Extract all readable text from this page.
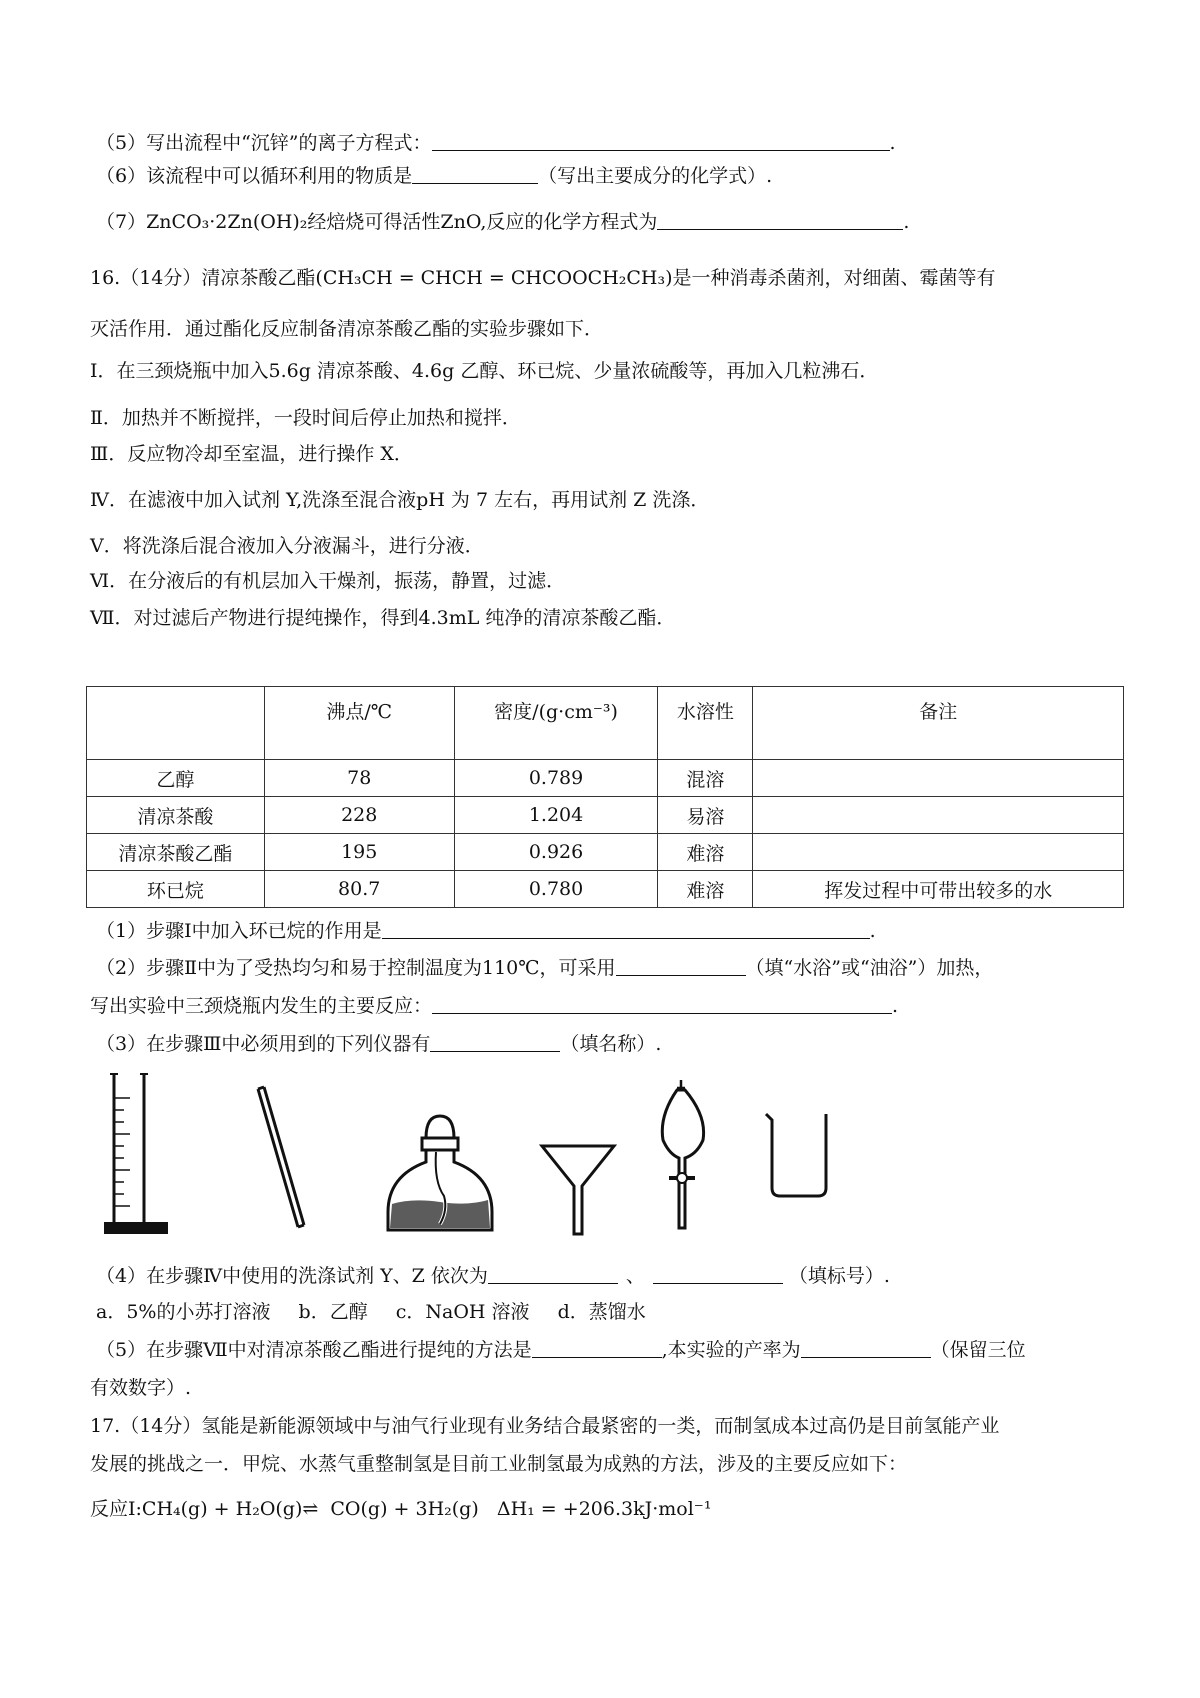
（5）写出流程中“沉锌”的离子方程式：	.
（6）该流程中可以循环利用的物质是	（写出主要成分的化学式）.
（7）ZnCO₃·2Zn(OH)₂经焙烧可得活性ZnO,反应的化学方程式为	.
16.（14分）清凉茶酸乙酯(CH₃CH = CHCH = CHCOOCH₂CH₃)是一种消毒杀菌剂，对细菌、霉菌等有
灭活作用．通过酯化反应制备清凉茶酸乙酯的实验步骤如下．
Ⅰ．在三颈烧瓶中加入5.6g 清凉茶酸、4.6g 乙醇、环已烷、少量浓硫酸等，再加入几粒沸石．
Ⅱ．加热并不断搅拌，一段时间后停止加热和搅拌．
Ⅲ．反应物冷却至室温，进行操作 X．
Ⅳ．在滤液中加入试剂 Y,洗涤至混合液pH 为 7 左右，再用试剂 Z 洗涤．
Ⅴ．将洗涤后混合液加入分液漏斗，进行分液．
Ⅵ．在分液后的有机层加入干燥剂，振荡，静置，过滤．
Ⅶ．对过滤后产物进行提纯操作，得到4.3mL 纯净的清凉茶酸乙酯．
	沸点/℃	密度/(g·cm⁻³)	水溶性	备注
乙醇	78	0.789	混溶	
清凉茶酸	228	1.204	易溶	
清凉茶酸乙酯	195	0.926	难溶	
环已烷	80.7	0.780	难溶	挥发过程中可带出较多的水
（1）步骤Ⅰ中加入环已烷的作用是	.
（2）步骤Ⅱ中为了受热均匀和易于控制温度为110℃，可采用	（填“水浴”或“油浴”）加热，
写出实验中三颈烧瓶内发生的主要反应：	.
（3）在步骤Ⅲ中必须用到的下列仪器有	（填名称）.
（4）在步骤Ⅳ中使用的洗涤试剂 Y、Z 依次为	、	（填标号）.
a．5%的小苏打溶液 b．乙醇 c．NaOH 溶液 d．蒸馏水
（5）在步骤Ⅶ中对清凉茶酸乙酯进行提纯的方法是	,本实验的产率为	（保留三位
有效数字）.
17.（14分）氢能是新能源领域中与油气行业现有业务结合最紧密的一类，而制氢成本过高仍是目前氢能产业
发展的挑战之一．甲烷、水蒸气重整制氢是目前工业制氢最为成熟的方法，涉及的主要反应如下：
反应Ⅰ:CH₄(g) + H₂O(g)⇌  CO(g) + 3H₂(g)   ΔH₁ = +206.3kJ·mol⁻¹
